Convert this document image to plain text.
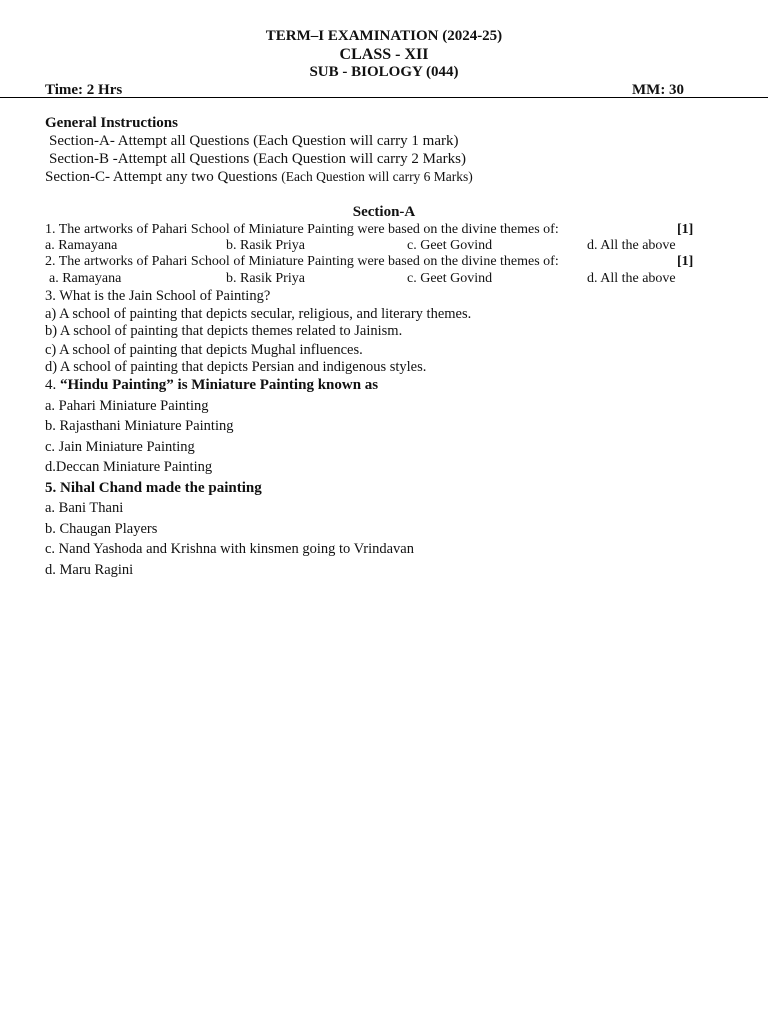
TERM–I EXAMINATION (2024-25)
CLASS - XII
SUB - BIOLOGY (044)
Time: 2 Hrs	MM: 30
General Instructions
Section-A- Attempt all Questions (Each Question will carry 1 mark)
Section-B -Attempt all Questions (Each Question will carry 2 Marks)
Section-C- Attempt any two Questions (Each Question will carry 6 Marks)
Section-A
1. The artworks of Pahari School of Miniature Painting were based on the divine themes of:	[1]
a. Ramayana	b. Rasik Priya	c. Geet Govind	d. All the above
2. The artworks of Pahari School of Miniature Painting were based on the divine themes of:	[1]
a. Ramayana	b. Rasik Priya	c. Geet Govind	d. All the above
3. What is the Jain School of Painting?
a) A school of painting that depicts secular, religious, and literary themes.
b) A school of painting that depicts themes related to Jainism.
c) A school of painting that depicts Mughal influences.
d) A school of painting that depicts Persian and indigenous styles.
4. “Hindu Painting” is Miniature Painting known as
a. Pahari Miniature Painting
b. Rajasthani Miniature Painting
c. Jain Miniature Painting
d.Deccan Miniature Painting
5. Nihal Chand made the painting
a. Bani Thani
b. Chaugan Players
c. Nand Yashoda and Krishna with kinsmen going to Vrindavan
d. Maru Ragini
